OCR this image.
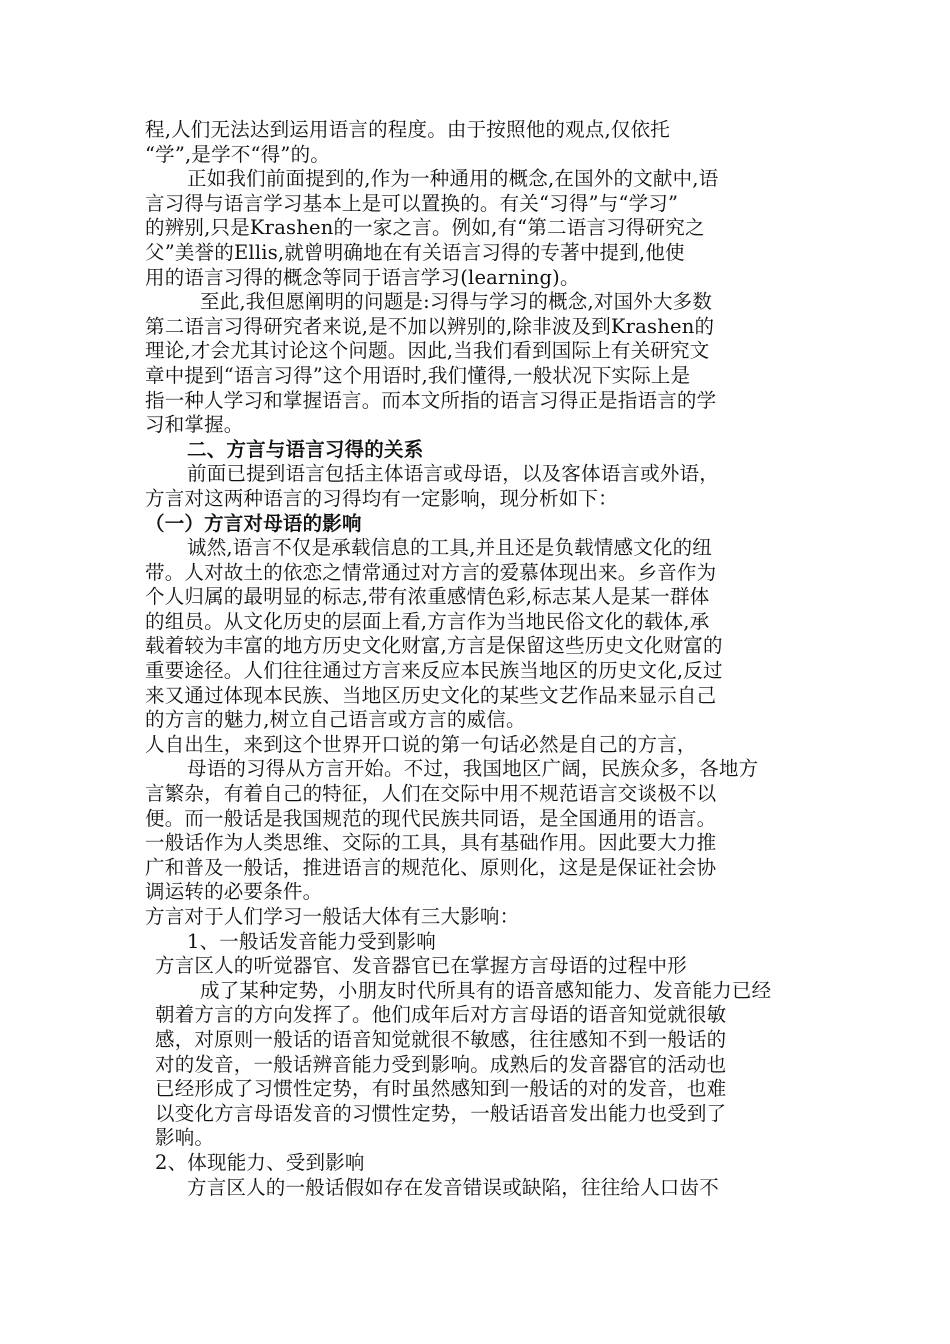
程,人们无法达到运用语言的程度。由于按照他的观点,仅依托
“学”,是学不“得”的。
正如我们前面提到的,作为一种通用的概念,在国外的文献中,语
言习得与语言学习基本上是可以置换的。有关“习得”与“学习”
的辨别,只是Krashen的一家之言。例如,有“第二语言习得研究之
父”美誉的Ellis,就曾明确地在有关语言习得的专著中提到,他使
用的语言习得的概念等同于语言学习(learning)。
至此,我但愿阐明的问题是:习得与学习的概念,对国外大多数
第二语言习得研究者来说,是不加以辨别的,除非波及到Krashen的
理论,才会尤其讨论这个问题。因此,当我们看到国际上有关研究文
章中提到“语言习得”这个用语时,我们懂得,一般状况下实际上是
指一种人学习和掌握语言。而本文所指的语言习得正是指语言的学
习和掌握。
二、方言与语言习得的关系
前面已提到语言包括主体语言或母语，以及客体语言或外语，
方言对这两种语言的习得均有一定影响，现分析如下：
（一）方言对母语的影响
诚然,语言不仅是承载信息的工具,并且还是负载情感文化的纽
带。人对故土的依恋之情常通过对方言的爱慕体现出来。乡音作为
个人归属的最明显的标志,带有浓重感情色彩,标志某人是某一群体
的组员。从文化历史的层面上看,方言作为当地民俗文化的载体,承
载着较为丰富的地方历史文化财富,方言是保留这些历史文化财富的
重要途径。人们往往通过方言来反应本民族当地区的历史文化,反过
来又通过体现本民族、当地区历史文化的某些文艺作品来显示自己
的方言的魅力,树立自己语言或方言的威信。
人自出生，来到这个世界开口说的第一句话必然是自己的方言，
母语的习得从方言开始。不过，我国地区广阔，民族众多，各地方
言繁杂，有着自己的特征，人们在交际中用不规范语言交谈极不以
便。而一般话是我国规范的现代民族共同语，是全国通用的语言。
一般话作为人类思维、交际的工具，具有基础作用。因此要大力推
广和普及一般话，推进语言的规范化、原则化，这是是保证社会协
调运转的必要条件。
方言对于人们学习一般话大体有三大影响：
1、一般话发音能力受到影响
方言区人的听觉器官、发音器官已在掌握方言母语的过程中形
成了某种定势，小朋友时代所具有的语音感知能力、发音能力已经
朝着方言的方向发挥了。他们成年后对方言母语的语音知觉就很敏
感，对原则一般话的语音知觉就很不敏感，往往感知不到一般话的
对的发音，一般话辨音能力受到影响。成熟后的发音器官的活动也
已经形成了习惯性定势，有时虽然感知到一般话的对的发音，也难
以变化方言母语发音的习惯性定势，一般话语音发出能力也受到了
影响。
2、体现能力、受到影响
方言区人的一般话假如存在发音错误或缺陷，往往给人口齿不
